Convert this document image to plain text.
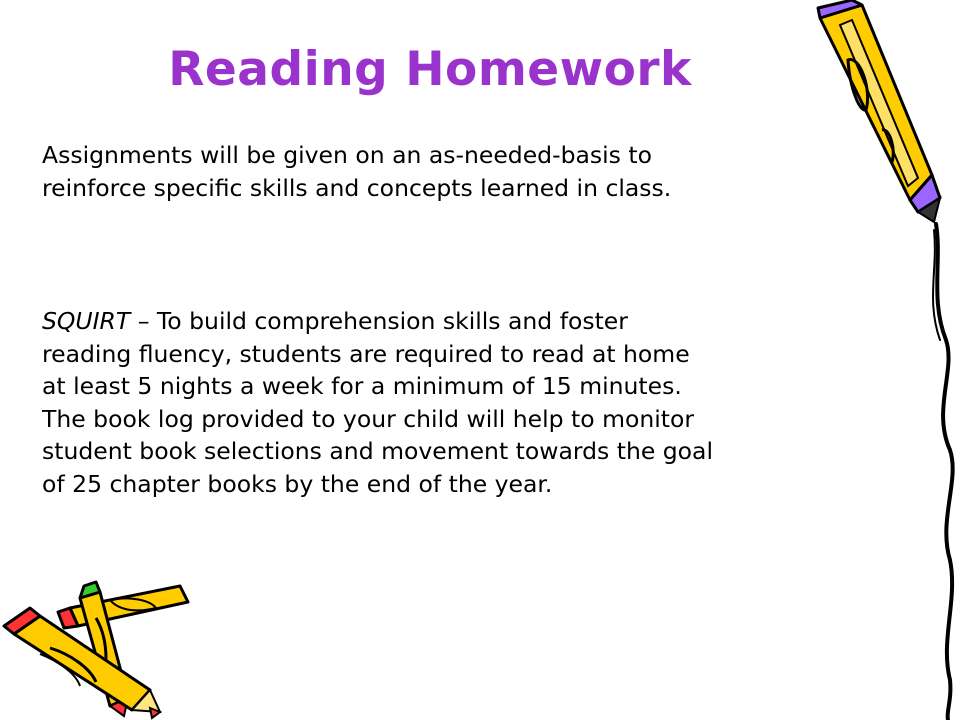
Reading Homework
Assignments will be given on an as-needed-basis to
reinforce specific skills and concepts learned in class.
SQUIRT – To build comprehension skills and foster
reading fluency, students are required to read at home
at least 5 nights a week for a minimum of 15 minutes.
The book log provided to your child will help to monitor
student book selections and movement towards the goal
of 25 chapter books by the end of the year.
